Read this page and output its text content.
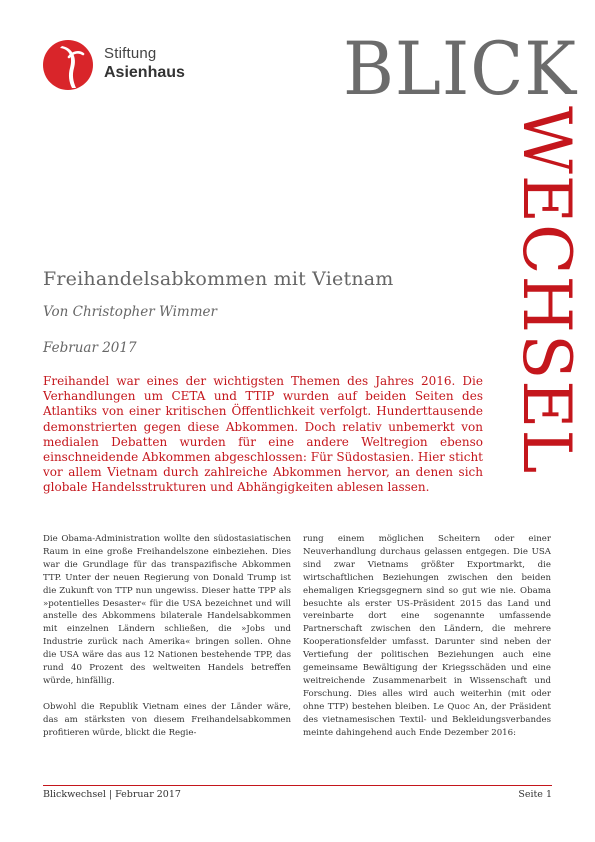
Stiftung
Asienhaus BLICK
WECHSEL
Freihandelsabkommen mit Vietnam
Von Christopher Wimmer
Februar 2017

Freihandel war eines der wichtigsten Themen des Jahres 2016. Die Verhandlungen um CETA und TTIP wurden auf beiden Seiten des Atlantiks von einer kritischen Öffentlichkeit verfolgt. Hunderttausende demonstrierten gegen diese Abkommen. Doch relativ unbemerkt von medialen Debatten wurden für eine andere Weltregion ebenso einschneidende Abkommen abgeschlossen: Für Südostasien. Hier sticht vor allem Vietnam durch zahlreiche Abkommen hervor, an denen sich globale Handelsstrukturen und Abhängigkeiten ablesen lassen.

Die Obama-Administration wollte den südostasiatischen Raum in eine große Freihandelszone einbeziehen. Dies war die Grundlage für das transpazifische Abkommen TTP. Unter der neuen Regierung von Donald Trump ist die Zukunft von TTP nun ungewiss. Dieser hatte TPP als »potentielles Desaster« für die USA bezeichnet und will anstelle des Abkommens bilaterale Handelsabkommen mit einzelnen Ländern schließen, die »Jobs und Industrie zurück nach Amerika« bringen sollen. Ohne die USA wäre das aus 12 Nationen bestehende TPP, das rund 40 Prozent des weltweiten Handels betreffen würde, hinfällig.

Obwohl die Republik Vietnam eines der Länder wäre, das am stärksten von diesem Freihandelsabkommen profitieren würde, blickt die Regie-

rung einem möglichen Scheitern oder einer Neuverhandlung durchaus gelassen entgegen. Die USA sind zwar Vietnams größter Exportmarkt, die wirtschaftlichen Beziehungen zwischen den beiden ehemaligen Kriegsgegnern sind so gut wie nie. Obama besuchte als erster US-Präsident 2015 das Land und vereinbarte dort eine sogenannte umfassende Partnerschaft zwischen den Ländern, die mehrere Kooperationsfelder umfasst. Darunter sind neben der Vertiefung der politischen Beziehungen auch eine gemeinsame Bewältigung der Kriegsschäden und eine weitreichende Zusammenarbeit in Wissenschaft und Forschung. Dies alles wird auch weiterhin (mit oder ohne TTP) bestehen bleiben. Le Quoc An, der Präsident des vietnamesischen Textil- und Bekleidungsverbandes meinte dahingehend auch Ende Dezember 2016:

Blickwechsel | Februar 2017	Seite 1
